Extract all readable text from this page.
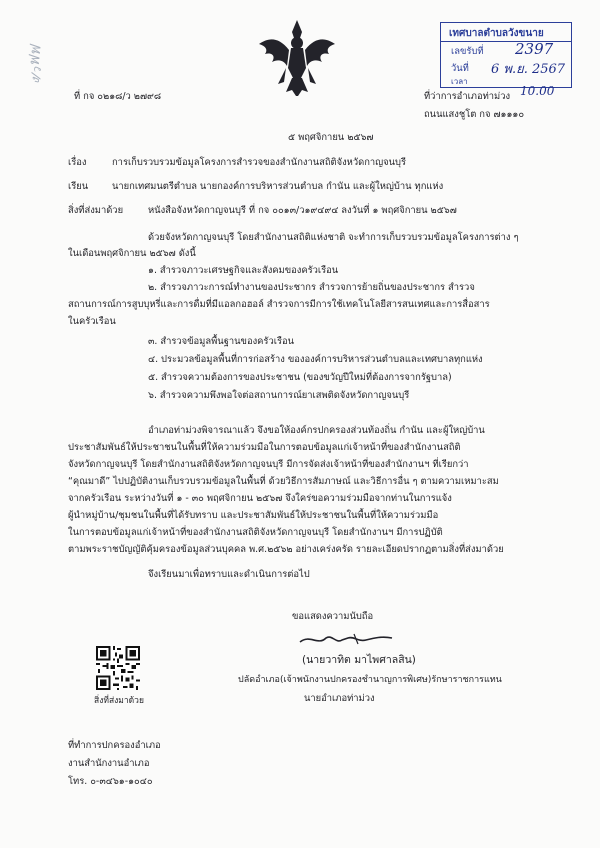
ฟฟ
ง/ว
เทศบาลตำบลวังขนาย
เลขรับที่ 2397
วันที่ 6 พ.ย. 2567
เวลา
10.00
ที่ กจ ๐๒๑๘/ว ๒๗๙๘	ที่ว่าการอำเภอท่าม่วง
ถนนแสงชูโต กจ ๗๑๑๑๐
๕ พฤศจิกายน ๒๕๖๗
เรื่อง	การเก็บรวบรวมข้อมูลโครงการสำรวจของสำนักงานสถิติจังหวัดกาญจนบุรี
เรียน	นายกเทศมนตรีตำบล นายกองค์การบริหารส่วนตำบล กำนัน และผู้ใหญ่บ้าน ทุกแห่ง
สิ่งที่ส่งมาด้วย	หนังสือจังหวัดกาญจนบุรี ที่ กจ ๐๐๑๓/ว๑๙๔๙๔ ลงวันที่ ๑ พฤศจิกายน ๒๕๖๗
ด้วยจังหวัดกาญจนบุรี โดยสำนักงานสถิติแห่งชาติ จะทำการเก็บรวบรวมข้อมูลโครงการต่าง ๆ
ในเดือนพฤศจิกายน ๒๕๖๗ ดังนี้
๑. สำรวจภาวะเศรษฐกิจและสังคมของครัวเรือน
๒. สำรวจภาวะการณ์ทำงานของประชากร สำรวจการย้ายถิ่นของประชากร สำรวจ
สถานการณ์การสูบบุหรี่และการดื่มที่มีแอลกอฮอล์ สำรวจการมีการใช้เทคโนโลยีสารสนเทศและการสื่อสาร
ในครัวเรือน
๓. สำรวจข้อมูลพื้นฐานของครัวเรือน
๔. ประมวลข้อมูลพื้นที่การก่อสร้าง ขององค์การบริหารส่วนตำบลและเทศบาลทุกแห่ง
๕. สำรวจความต้องการของประชาชน (ของขวัญปีใหม่ที่ต้องการจากรัฐบาล)
๖. สำรวจความพึงพอใจต่อสถานการณ์ยาเสพติดจังหวัดกาญจนบุรี
อำเภอท่าม่วงพิจารณาแล้ว จึงขอให้องค์กรปกครองส่วนท้องถิ่น กำนัน และผู้ใหญ่บ้าน
ประชาสัมพันธ์ให้ประชาชนในพื้นที่ให้ความร่วมมือในการตอบข้อมูลแก่เจ้าหน้าที่ของสำนักงานสถิติ
จังหวัดกาญจนบุรี โดยสำนักงานสถิติจังหวัดกาญจนบุรี มีการจัดส่งเจ้าหน้าที่ของสำนักงานฯ ที่เรียกว่า
“คุณมาดี” ไปปฏิบัติงานเก็บรวบรวมข้อมูลในพื้นที่ ด้วยวิธีการสัมภาษณ์ และวิธีการอื่น ๆ ตามความเหมาะสม
จากครัวเรือน ระหว่างวันที่ ๑ - ๓๐ พฤศจิกายน ๒๕๖๗ จึงใคร่ขอความร่วมมือจากท่านในการแจ้ง
ผู้นำหมู่บ้าน/ชุมชนในพื้นที่ได้รับทราบ และประชาสัมพันธ์ให้ประชาชนในพื้นที่ให้ความร่วมมือ
ในการตอบข้อมูลแก่เจ้าหน้าที่ของสำนักงานสถิติจังหวัดกาญจนบุรี โดยสำนักงานฯ มีการปฏิบัติ
ตามพระราชบัญญัติคุ้มครองข้อมูลส่วนบุคคล พ.ศ.๒๕๖๒ อย่างเคร่งครัด รายละเอียดปรากฏตามสิ่งที่ส่งมาด้วย
จึงเรียนมาเพื่อทราบและดำเนินการต่อไป
ขอแสดงความนับถือ
(นายวาทิต มาไพศาลสิน)
ปลัดอำเภอ(เจ้าพนักงานปกครองชำนาญการพิเศษ)รักษาราชการแทน
นายอำเภอท่าม่วง
สิ่งที่ส่งมาด้วย
ที่ทำการปกครองอำเภอ
งานสำนักงานอำเภอ
โทร. ๐-๓๔๖๑-๑๐๔๐
